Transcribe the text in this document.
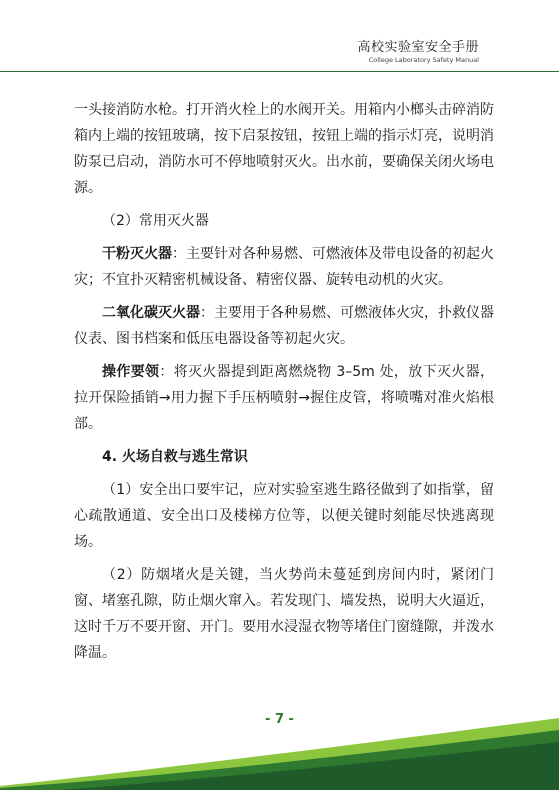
高校实验室安全手册
College Laboratory Safety Manual

一头接消防水枪。打开消火栓上的水阀开关。用箱内小榔头击碎消防箱内上端的按钮玻璃，按下启泵按钮，按钮上端的指示灯亮，说明消防泵已启动，消防水可不停地喷射灭火。出水前，要确保关闭火场电源。

（2）常用灭火器

干粉灭火器：主要针对各种易燃、可燃液体及带电设备的初起火灾；不宜扑灭精密机械设备、精密仪器、旋转电动机的火灾。

二氧化碳灭火器：主要用于各种易燃、可燃液体火灾，扑救仪器仪表、图书档案和低压电器设备等初起火灾。

操作要领：将灭火器提到距离燃烧物 3–5m 处，放下灭火器，拉开保险插销→用力握下手压柄喷射→握住皮管，将喷嘴对准火焰根部。

4. 火场自救与逃生常识

（1）安全出口要牢记，应对实验室逃生路径做到了如指掌，留心疏散通道、安全出口及楼梯方位等，以便关键时刻能尽快逃离现场。

（2）防烟堵火是关键，当火势尚未蔓延到房间内时，紧闭门窗、堵塞孔隙，防止烟火窜入。若发现门、墙发热，说明大火逼近，这时千万不要开窗、开门。要用水浸湿衣物等堵住门窗缝隙，并泼水降温。

- 7 -
